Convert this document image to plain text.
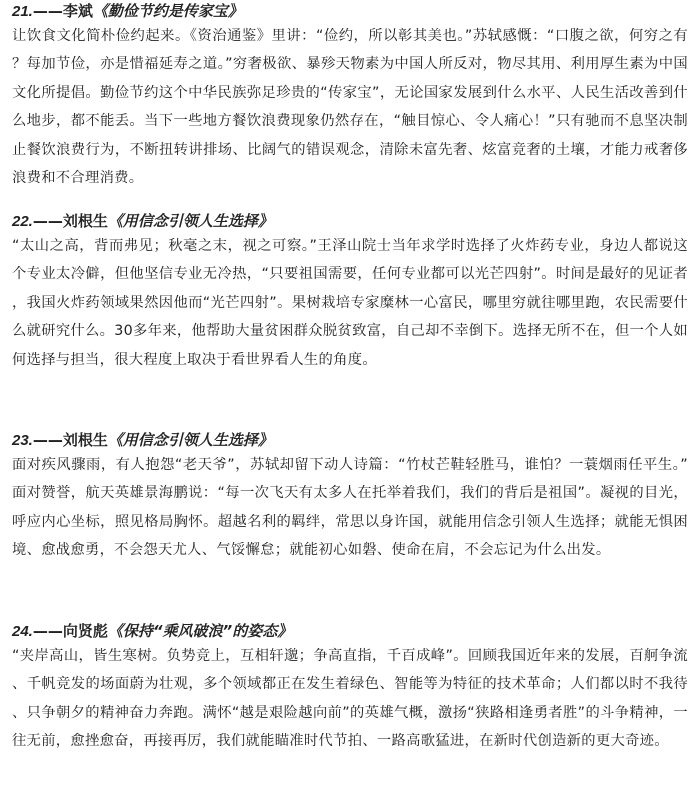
21.——李斌《勤俭节约是传家宝》

让饮食文化简朴俭约起来。《资治通鉴》里讲：“俭约，所以彰其美也。”苏轼感慨：“口腹之欲，何穷之有？每加节俭，亦是惜福延寿之道。”穷奢极欲、暴殄天物素为中国人所反对，物尽其用、利用厚生素为中国文化所提倡。勤俭节约这个中华民族弥足珍贵的“传家宝”，无论国家发展到什么水平、人民生活改善到什么地步，都不能丢。当下一些地方餐饮浪费现象仍然存在，“触目惊心、令人痛心！”只有驰而不息坚决制止餐饮浪费行为，不断扭转讲排场、比阔气的错误观念，清除未富先奢、炫富竞奢的土壤，才能力戒奢侈浪费和不合理消费。

22.——刘根生《用信念引领人生选择》

“太山之高，背而弗见；秋毫之末，视之可察。”王泽山院士当年求学时选择了火炸药专业，身边人都说这个专业太冷僻，但他坚信专业无冷热，“只要祖国需要，任何专业都可以光芒四射”。时间是最好的见证者，我国火炸药领域果然因他而“光芒四射”。果树栽培专家糜林一心富民，哪里穷就往哪里跑，农民需要什么就研究什么。30多年来，他帮助大量贫困群众脱贫致富，自己却不幸倒下。选择无所不在，但一个人如何选择与担当，很大程度上取决于看世界看人生的角度。

23.——刘根生《用信念引领人生选择》

面对疾风骤雨，有人抱怨“老天爷”，苏轼却留下动人诗篇：“竹杖芒鞋轻胜马，谁怕？一蓑烟雨任平生。”面对赞誉，航天英雄景海鹏说：“每一次飞天有太多人在托举着我们，我们的背后是祖国”。凝视的目光，呼应内心坐标，照见格局胸怀。超越名利的羁绊，常思以身许国，就能用信念引领人生选择；就能无惧困境、愈战愈勇，不会怨天尤人、气馁懈怠；就能初心如磐、使命在肩，不会忘记为什么出发。

24.——向贤彪《保持“乘风破浪”的姿态》

“夹岸高山，皆生寒树。负势竞上，互相轩邈；争高直指，千百成峰”。回顾我国近年来的发展，百舸争流、千帆竞发的场面蔚为壮观，多个领域都正在发生着绿色、智能等为特征的技术革命；人们都以时不我待、只争朝夕的精神奋力奔跑。满怀“越是艰险越向前”的英雄气概，激扬“狭路相逢勇者胜”的斗争精神，一往无前，愈挫愈奋，再接再厉，我们就能瞄准时代节拍、一路高歌猛进，在新时代创造新的更大奇迹。
